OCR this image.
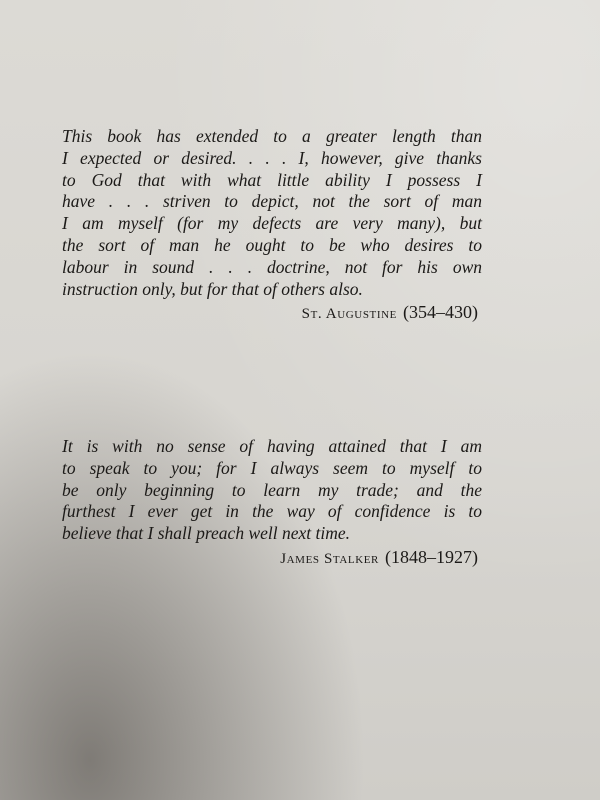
This book has extended to a greater length than
I expected or desired. . . . I, however, give thanks
to God that with what little ability I possess I
have . . . striven to depict, not the sort of man
I am myself (for my defects are very many), but
the sort of man he ought to be who desires to
labour in sound . . . doctrine, not for his own
instruction only, but for that of others also.
St. Augustine (354–430)
It is with no sense of having attained that I am
to speak to you; for I always seem to myself to
be only beginning to learn my trade; and the
furthest I ever get in the way of confidence is to
believe that I shall preach well next time.
James Stalker (1848–1927)
